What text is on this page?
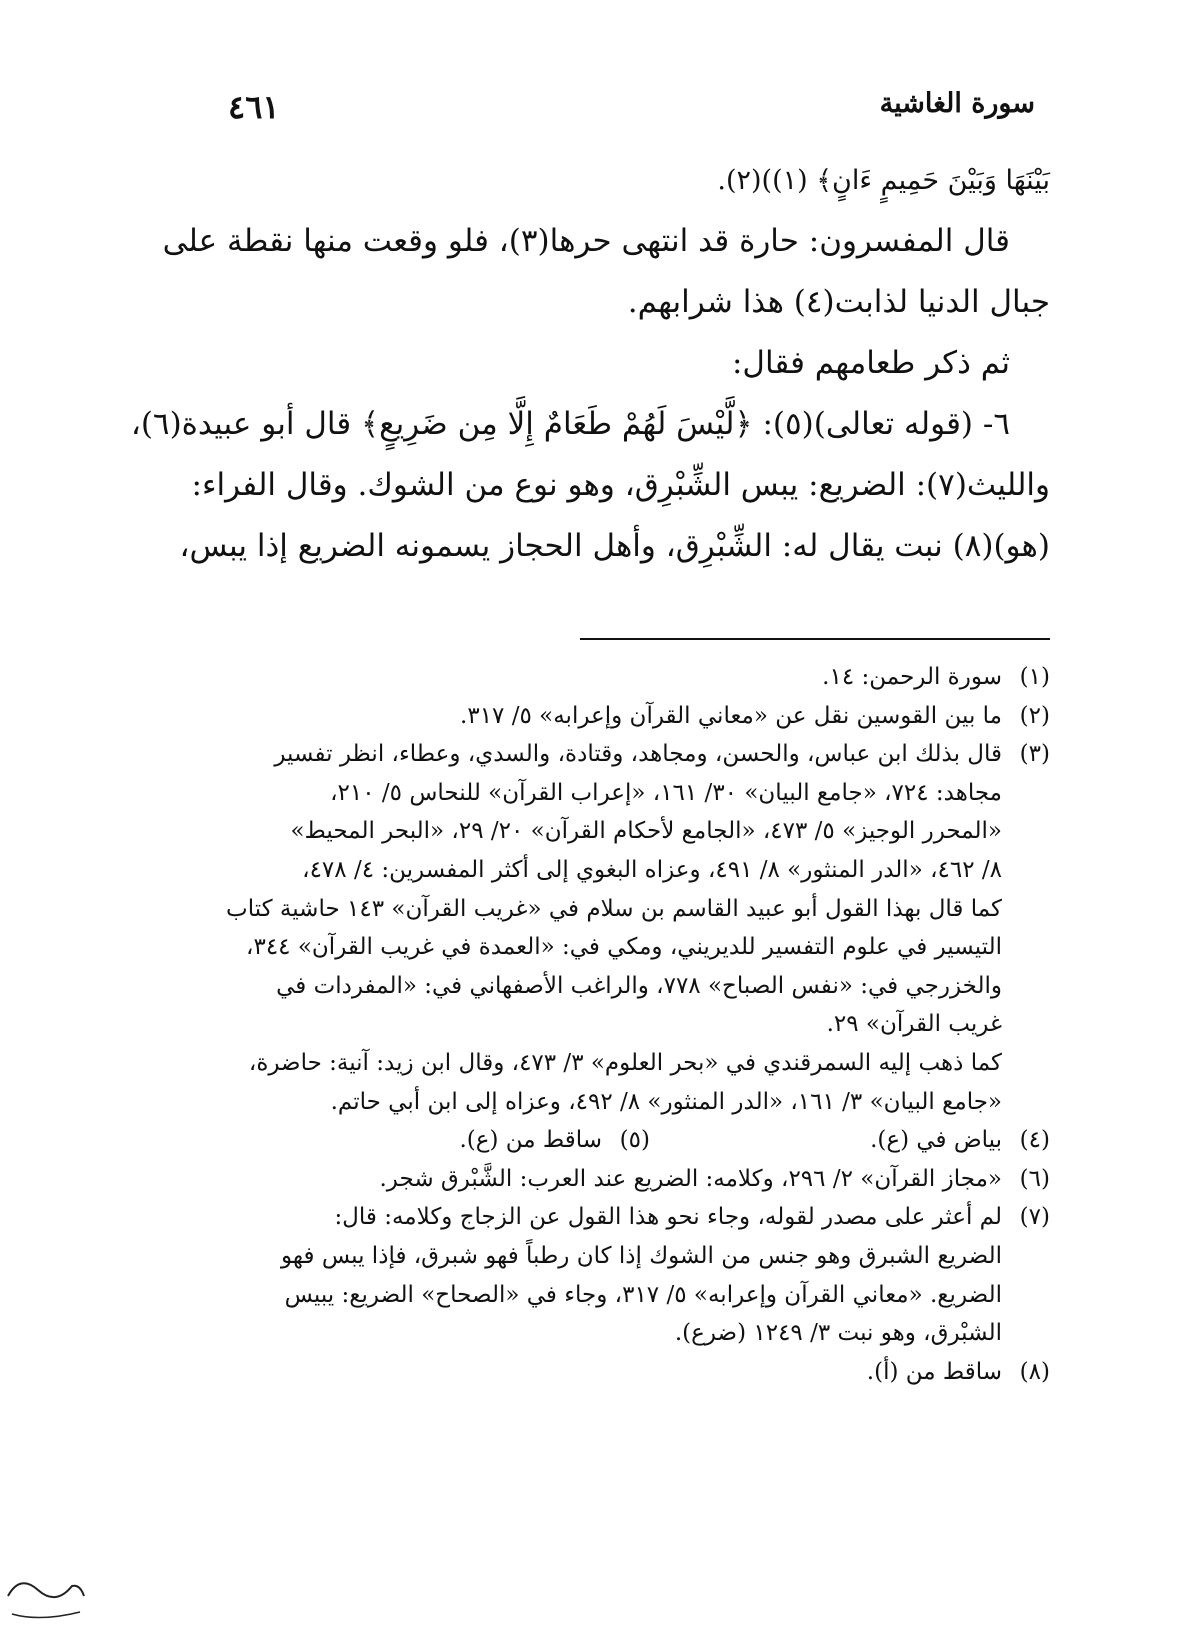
سورة الغاشية
٤٦١
بَيْنَهَا وَبَيْنَ حَمِيمٍ ءَانٍ﴾ (١))(٢).
قال المفسرون: حارة قد انتهى حرها(٣)، فلو وقعت منها نقطة على
جبال الدنيا لذابت(٤) هذا شرابهم.
ثم ذكر طعامهم فقال:
٦- (قوله تعالى)(٥): ﴿لَّيْسَ لَهُمْ طَعَامٌ إِلَّا مِن ضَرِيعٍ﴾ قال أبو عبيدة(٦)،
والليث(٧): الضريع: يبس الشِّبْرِق، وهو نوع من الشوك. وقال الفراء:
(هو)(٨) نبت يقال له: الشِّبْرِق، وأهل الحجاز يسمونه الضريع إذا يبس،
(١)سورة الرحمن: ١٤.
(٢)ما بين القوسين نقل عن «معاني القرآن وإعرابه» ٥/ ٣١٧.
(٣)قال بذلك ابن عباس، والحسن، ومجاهد، وقتادة، والسدي، وعطاء، انظر تفسير
مجاهد: ٧٢٤، «جامع البيان» ٣٠/ ١٦١، «إعراب القرآن» للنحاس ٥/ ٢١٠،
«المحرر الوجيز» ٥/ ٤٧٣، «الجامع لأحكام القرآن» ٢٠/ ٢٩، «البحر المحيط»
٨/ ٤٦٢، «الدر المنثور» ٨/ ٤٩١، وعزاه البغوي إلى أكثر المفسرين: ٤/ ٤٧٨،
كما قال بهذا القول أبو عبيد القاسم بن سلام في «غريب القرآن» ١٤٣ حاشية كتاب
التيسير في علوم التفسير للديريني، ومكي في: «العمدة في غريب القرآن» ٣٤٤،
والخزرجي في: «نفس الصباح» ٧٧٨، والراغب الأصفهاني في: «المفردات في
غريب القرآن» ٢٩.
كما ذهب إليه السمرقندي في «بحر العلوم» ٣/ ٤٧٣، وقال ابن زيد: آنية: حاضرة،
«جامع البيان» ٣/ ١٦١، «الدر المنثور» ٨/ ٤٩٢، وعزاه إلى ابن أبي حاتم.
(٤)بياض في (ع).
(٥)ساقط من (ع).
(٦)«مجاز القرآن» ٢/ ٢٩٦، وكلامه: الضريع عند العرب: الشَّبْرق شجر.
(٧)لم أعثر على مصدر لقوله، وجاء نحو هذا القول عن الزجاج وكلامه: قال:
الضريع الشبرق وهو جنس من الشوك إذا كان رطباً فهو شبرق، فإذا يبس فهو
الضريع. «معاني القرآن وإعرابه» ٥/ ٣١٧، وجاء في «الصحاح» الضريع: يبيس
الشبْرق، وهو نبت ٣/ ١٢٤٩ (ضرع).
(٨)ساقط من (أ).
